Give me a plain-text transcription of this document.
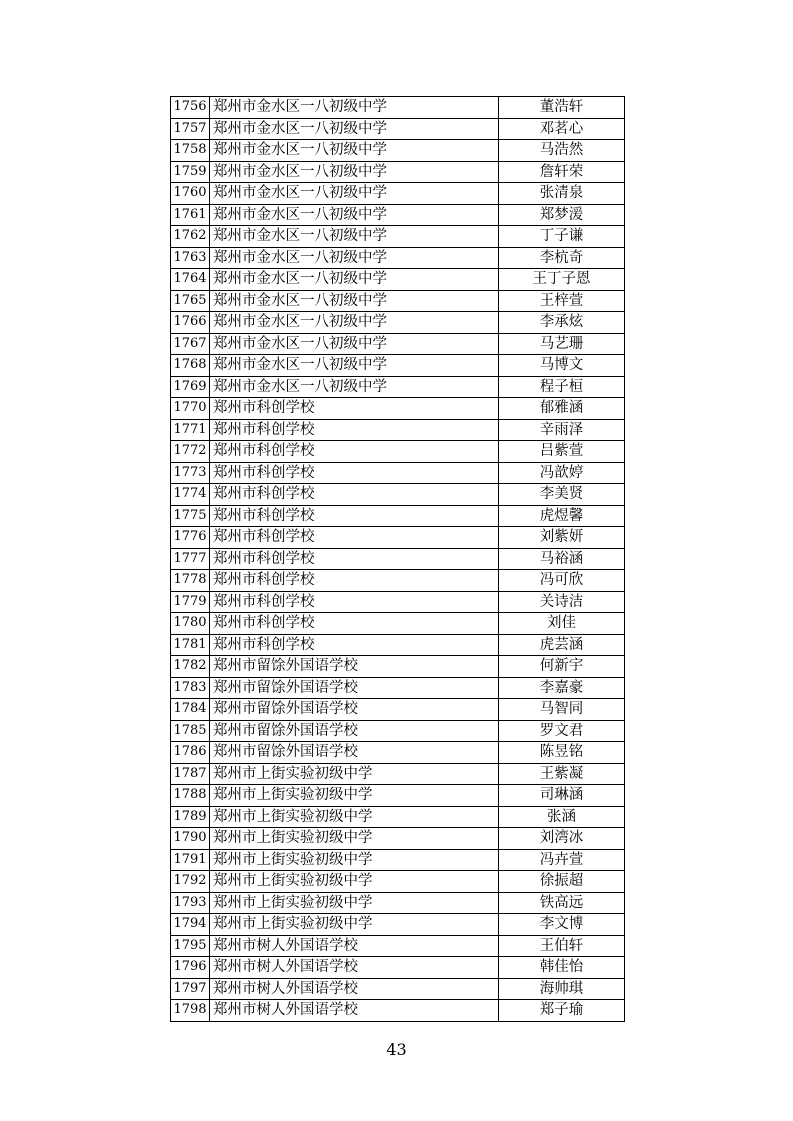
1756	郑州市金水区一八初级中学	董浩轩
1757	郑州市金水区一八初级中学	邓茗心
1758	郑州市金水区一八初级中学	马浩然
1759	郑州市金水区一八初级中学	詹轩荣
1760	郑州市金水区一八初级中学	张清泉
1761	郑州市金水区一八初级中学	郑梦湲
1762	郑州市金水区一八初级中学	丁子谦
1763	郑州市金水区一八初级中学	李杭奇
1764	郑州市金水区一八初级中学	王丁子恩
1765	郑州市金水区一八初级中学	王梓萱
1766	郑州市金水区一八初级中学	李承炫
1767	郑州市金水区一八初级中学	马艺珊
1768	郑州市金水区一八初级中学	马博文
1769	郑州市金水区一八初级中学	程子桓
1770	郑州市科创学校	郁雅涵
1771	郑州市科创学校	辛雨泽
1772	郑州市科创学校	吕紫萱
1773	郑州市科创学校	冯歆婷
1774	郑州市科创学校	李美贤
1775	郑州市科创学校	虎煜馨
1776	郑州市科创学校	刘紫妍
1777	郑州市科创学校	马裕涵
1778	郑州市科创学校	冯可欣
1779	郑州市科创学校	关诗洁
1780	郑州市科创学校	刘佳
1781	郑州市科创学校	虎芸涵
1782	郑州市留馀外国语学校	何新宇
1783	郑州市留馀外国语学校	李嘉豪
1784	郑州市留馀外国语学校	马智同
1785	郑州市留馀外国语学校	罗文君
1786	郑州市留馀外国语学校	陈昱铭
1787	郑州市上街实验初级中学	王紫凝
1788	郑州市上街实验初级中学	司琳涵
1789	郑州市上街实验初级中学	张涵
1790	郑州市上街实验初级中学	刘湾冰
1791	郑州市上街实验初级中学	冯卉萱
1792	郑州市上街实验初级中学	徐振超
1793	郑州市上街实验初级中学	铁高远
1794	郑州市上街实验初级中学	李文博
1795	郑州市树人外国语学校	王伯轩
1796	郑州市树人外国语学校	韩佳怡
1797	郑州市树人外国语学校	海帅琪
1798	郑州市树人外国语学校	郑子瑜
43
